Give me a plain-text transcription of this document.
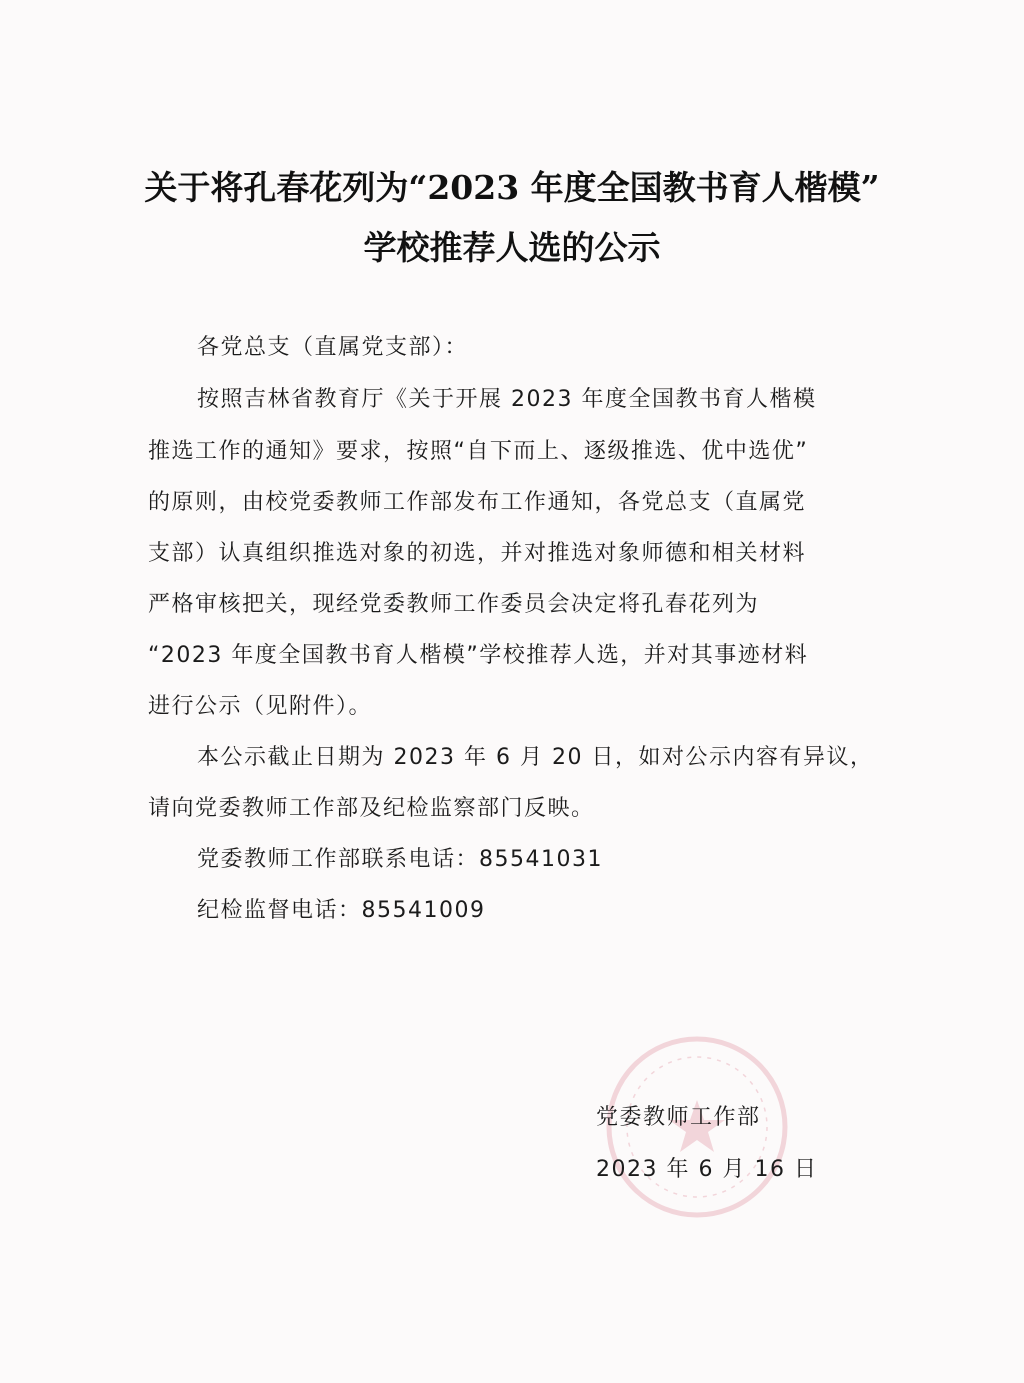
关于将孔春花列为“2023 年度全国教书育人楷模”
学校推荐人选的公示
各党总支（直属党支部）：
按照吉林省教育厅《关于开展 2023 年度全国教书育人楷模
推选工作的通知》要求，按照“自下而上、逐级推选、优中选优”
的原则，由校党委教师工作部发布工作通知，各党总支（直属党
支部）认真组织推选对象的初选，并对推选对象师德和相关材料
严格审核把关，现经党委教师工作委员会决定将孔春花列为
“2023 年度全国教书育人楷模”学校推荐人选，并对其事迹材料
进行公示（见附件）。
本公示截止日期为 2023 年 6 月 20 日，如对公示内容有异议，
请向党委教师工作部及纪检监察部门反映。
党委教师工作部联系电话：85541031
纪检监督电话：85541009
党委教师工作部
2023 年 6 月 16 日
